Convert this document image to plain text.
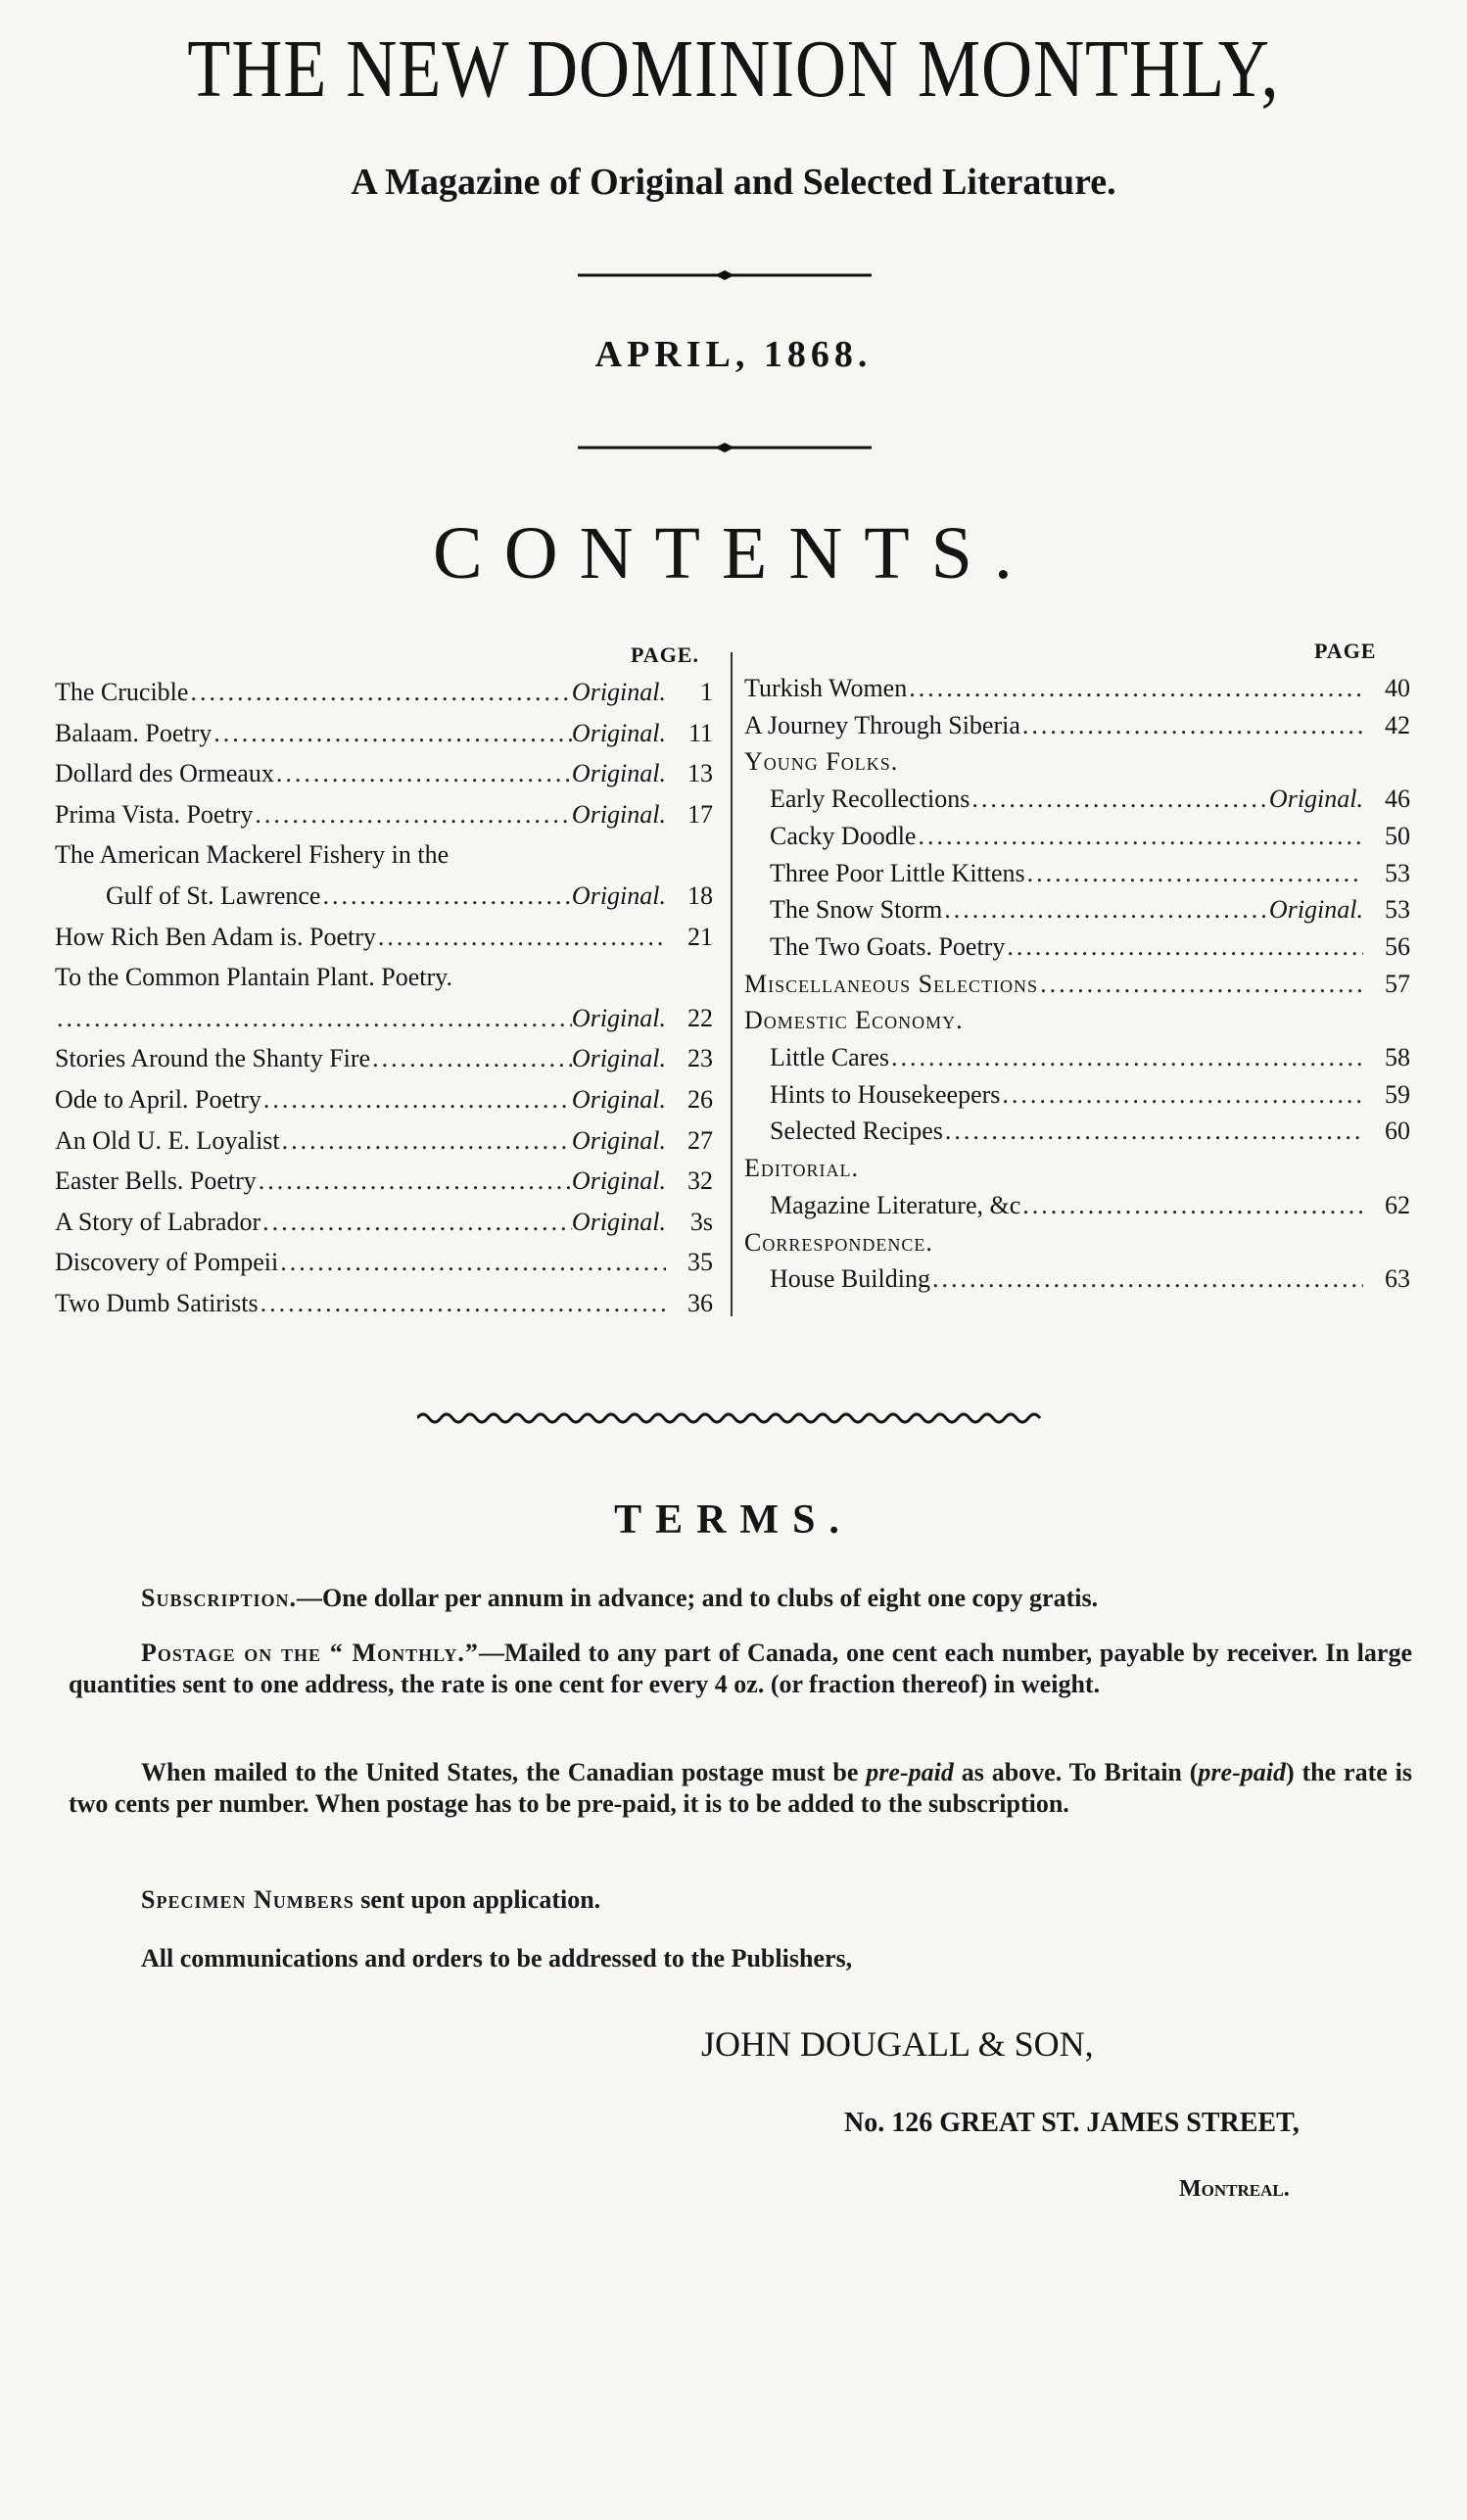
THE NEW DOMINION MONTHLY,
A Magazine of Original and Selected Literature.
APRIL, 1868.
CONTENTS.
PAGE.	PAGE
The Crucible .....	Original.	1
Balaam. Poetry .....	Original. 11
Dollard des Ormeaux .....	Original. 13
Prima Vista. Poetry .....	Original. 17
The American Mackerel Fishery in the
Gulf of St. Lawrence .....	Original. 18
How Rich Ben Adam is. Poetry .....	21
To the Common Plantain Plant. Poetry.
.....
Original. 22
Stories Around the Shanty Fire .....	Original. 23
Ode to April. Poetry .....	Original. 26
An Old U. E. Loyalist .....	Original. 27
Easter Bells. Poetry .....	Original. 32
A Story of Labrador .....	Original. 3s
Discovery of Pompeii .....	35
Two Dumb Satirists .....	36
Turkish Women .....	40
A Journey Through Siberia .....	42
Young Folks.
Early Recollections .....	Original. 46
Cacky Doodle .....	50
Three Poor Little Kittens .....	53
The Snow Storm .....	Original. 53
The Two Goats. Poetry .....	56
Miscellaneous Selections .....	57
Domestic Economy.
Little Cares .....	58
Hints to Housekeepers .....	59
Selected Recipes .....	60
Editorial.
Magazine Literature, &c .....	62
Correspondence.
House Building .....	63
TERMS.
Subscription.—One dollar per annum in advance; and to clubs of eight one copy gratis.
Postage on the “ Monthly.”—Mailed to any part of Canada, one cent each number, payable by receiver. In large quantities sent to one address, the rate is one cent for every 4 oz. (or fraction thereof) in weight.
When mailed to the United States, the Canadian postage must be pre-paid as above. To Britain (pre-paid) the rate is two cents per number. When postage has to be pre-paid, it is to be added to the subscription.
Specimen Numbers sent upon application.
All communications and orders to be addressed to the Publishers,
JOHN DOUGALL & SON,
No. 126 GREAT ST. JAMES STREET,
Montreal.
